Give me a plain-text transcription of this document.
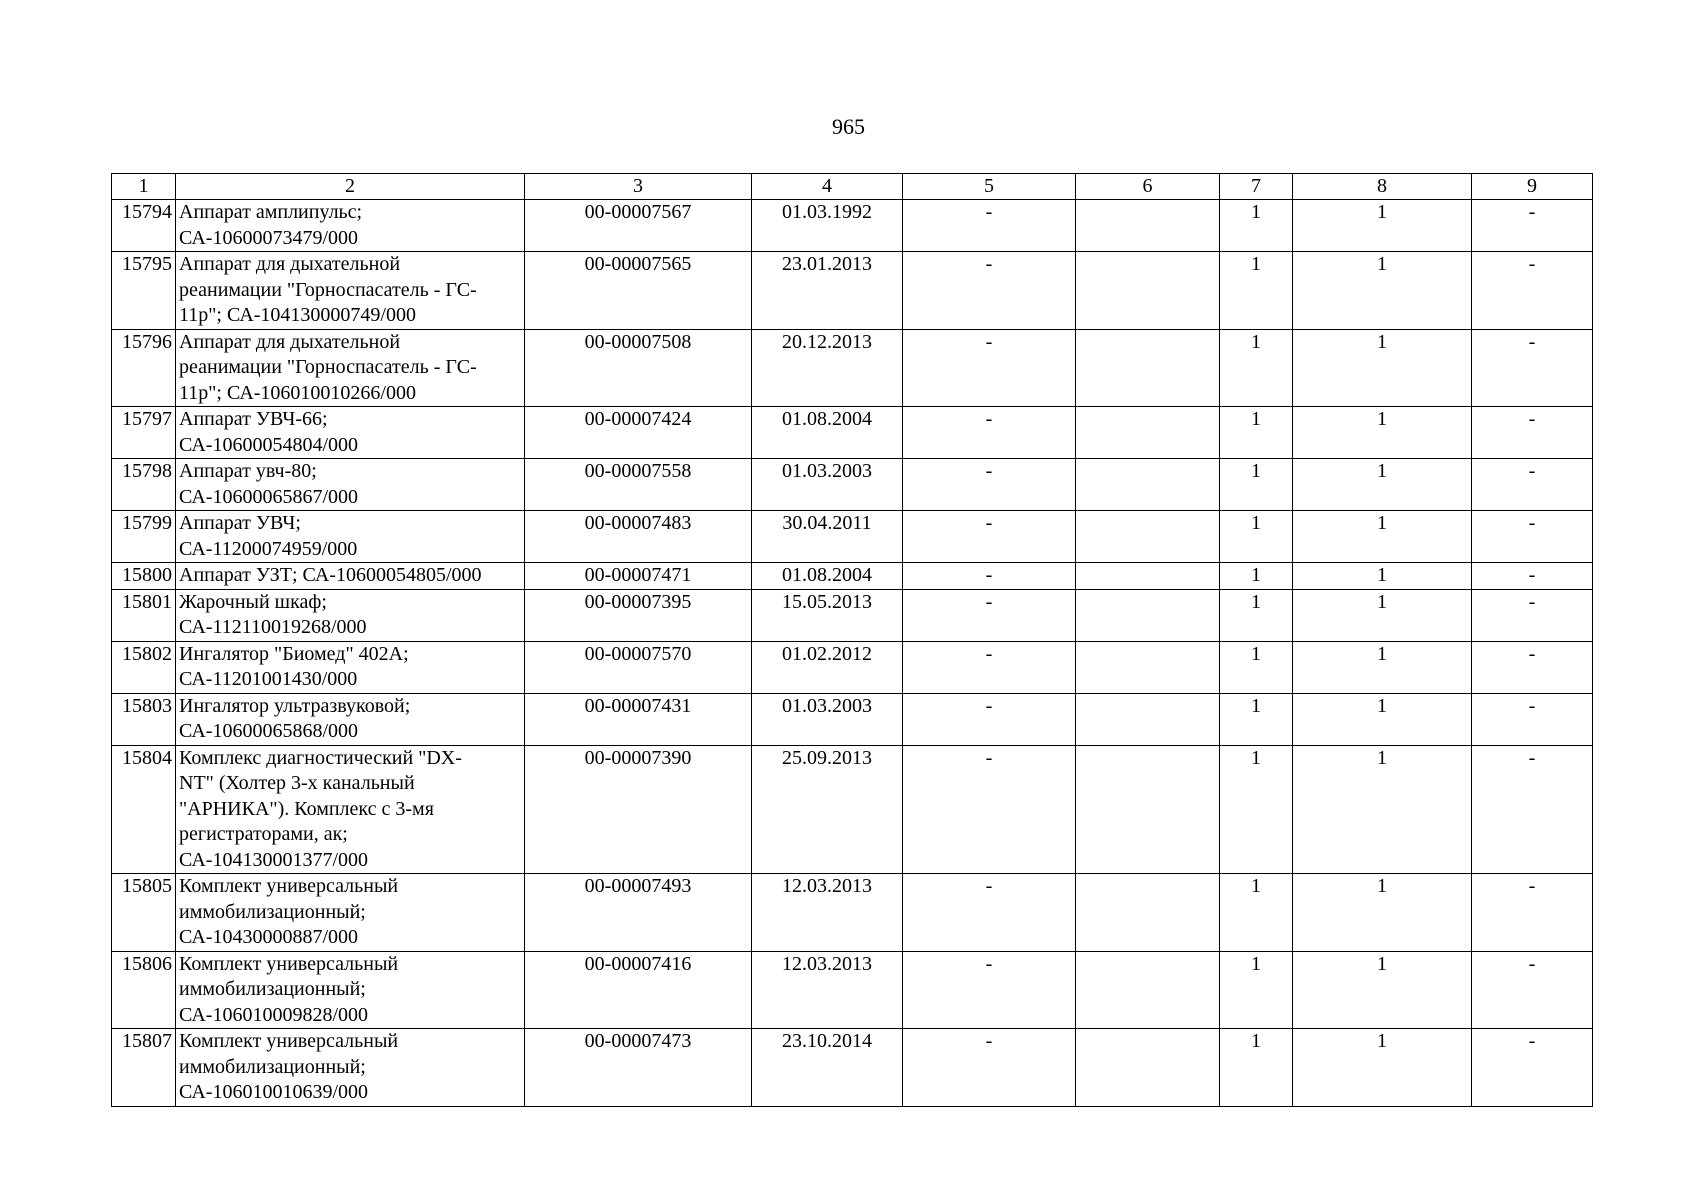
965
1	2	3	4	5	6	7	8	9
15794	Аппарат амплипульс;
СА-10600073479/000	00-00007567	01.03.1992	-		1	1	-
15795	Аппарат для дыхательной
реанимации "Горноспасатель - ГС-
11р"; СА-104130000749/000	00-00007565	23.01.2013	-		1	1	-
15796	Аппарат для дыхательной
реанимации "Горноспасатель - ГС-
11р"; СА-106010010266/000	00-00007508	20.12.2013	-		1	1	-
15797	Аппарат УВЧ-66;
СА-10600054804/000	00-00007424	01.08.2004	-		1	1	-
15798	Аппарат увч-80;
СА-10600065867/000	00-00007558	01.03.2003	-		1	1	-
15799	Аппарат УВЧ;
СА-11200074959/000	00-00007483	30.04.2011	-		1	1	-
15800	Аппарат УЗТ; СА-10600054805/000	00-00007471	01.08.2004	-		1	1	-
15801	Жарочный шкаф;
СА-112110019268/000	00-00007395	15.05.2013	-		1	1	-
15802	Ингалятор "Биомед" 402А;
СА-11201001430/000	00-00007570	01.02.2012	-		1	1	-
15803	Ингалятор ультразвуковой;
СА-10600065868/000	00-00007431	01.03.2003	-		1	1	-
15804	Комплекс диагностический "DX-
NT" (Холтер 3-х канальный
"АРНИКА"). Комплекс с 3-мя
регистраторами, ак;
СА-104130001377/000	00-00007390	25.09.2013	-		1	1	-
15805	Комплект универсальный
иммобилизационный;
СА-10430000887/000	00-00007493	12.03.2013	-		1	1	-
15806	Комплект универсальный
иммобилизационный;
СА-106010009828/000	00-00007416	12.03.2013	-		1	1	-
15807	Комплект универсальный
иммобилизационный;
СА-106010010639/000	00-00007473	23.10.2014	-		1	1	-
